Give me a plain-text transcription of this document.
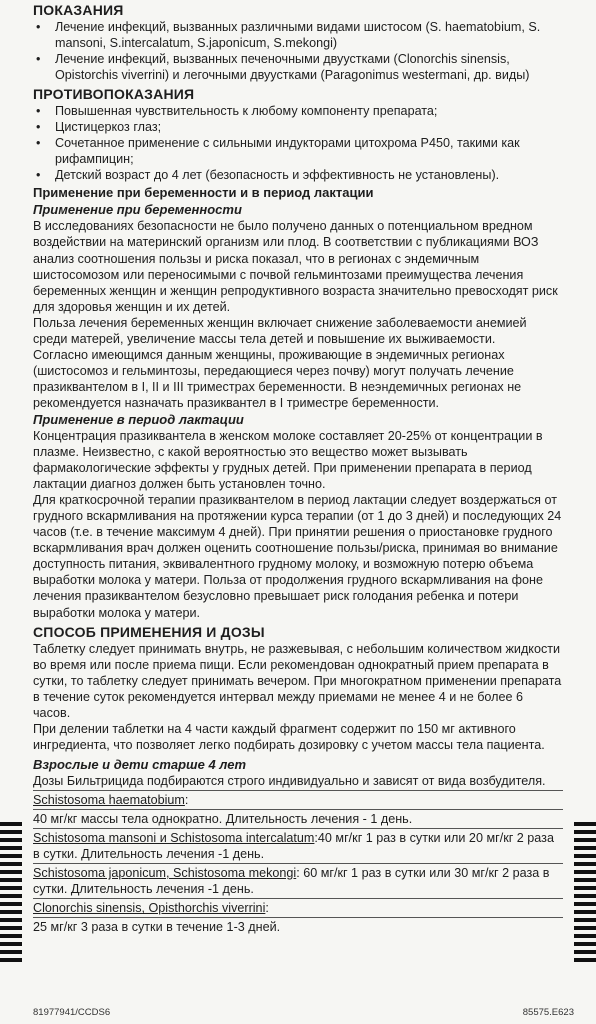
ПОКАЗАНИЯ
• Лечение инфекций, вызванных различными видами шистосом (S. haematobium, S. mansoni, S.intercalatum, S.japonicum, S.mekongi)
• Лечение инфекций, вызванных печеночными двуустками (Clonorchis sinensis, Opistorchis viverrini) и легочными двуустками (Paragonimus westermani, др. виды)
ПРОТИВОПОКАЗАНИЯ
• Повышенная чувствительность к любому компоненту препарата;
• Цистицеркоз глаз;
• Сочетанное применение с сильными индукторами цитохрома Р450, такими как рифампицин;
• Детский возраст до 4 лет (безопасность и эффективность не установлены).
Применение при беременности и в период лактации
Применение при беременности

В исследованиях безопасности не было получено данных о потенциальном вредном воздействии на материнский организм или плод. В соответствии с публикациями ВОЗ анализ соотношения пользы и риска показал, что в регионах с эндемичным шистосомозом или переносимыми с почвой гельминтозами преимущества лечения беременных женщин и женщин репродуктивного возраста значительно превосходят риск для здоровья женщин и их детей.

Польза лечения беременных женщин включает снижение заболеваемости анемией среди матерей, увеличение массы тела детей и повышение их выживаемости.

Согласно имеющимся данным женщины, проживающие в эндемичных регионах (шистосомоз и гельминтозы, передающиеся через почву) могут получать лечение празиквантелом в I, II и III триместрах беременности. В неэндемичных регионах не рекомендуется назначать празиквантел в I триместре беременности.

Применение в период лактации

Концентрация празиквантела в женском молоке составляет 20-25% от концентрации в плазме. Неизвестно, с какой вероятностью это вещество может вызывать фармакологические эффекты у грудных детей. При применении препарата в период лактации диагноз должен быть установлен точно.

Для краткосрочной терапии празиквантелом в период лактации следует воздержаться от грудного вскармливания на протяжении курса терапии (от 1 до 3 дней) и последующих 24 часов (т.е. в течение максимум 4 дней). При принятии решения о приостановке грудного вскармливания врач должен оценить соотношение пользы/риска, принимая во внимание доступность питания, эквивалентного грудному молоку, и возможную потерю объема выработки молока у матери. Польза от продолжения грудного вскармливания на фоне лечения празиквантелом безусловно превышает риск голодания ребенка и потери выработки молока у матери.

СПОСОБ ПРИМЕНЕНИЯ И ДОЗЫ

Таблетку следует принимать внутрь, не разжевывая, с небольшим количеством жидкости во время или после приема пищи. Если рекомендован однократный прием препарата в сутки, то таблетку следует принимать вечером. При многократном применении препарата в течение суток рекомендуется интервал между приемами не менее 4 и не более 6 часов.

При делении таблетки на 4 части каждый фрагмент содержит по 150 мг активного ингредиента, что позволяет легко подбирать дозировку с учетом массы тела пациента.

Взрослые и дети старше 4 лет

Дозы Бильтрицида подбираются строго индивидуально и зависят от вида возбудителя.

Schistosoma haematobium:

40 мг/кг массы тела однократно. Длительность лечения - 1 день.

Schistosoma mansoni и Schistosoma intercalatum:40 мг/кг 1 раз в сутки или 20 мг/кг 2 раза в сутки. Длительность лечения -1 день.

Schistosoma japonicum, Schistosoma mekongi: 60 мг/кг 1 раз в сутки или 30 мг/кг 2 раза в сутки. Длительность лечения -1 день.

Clonorchis sinensis, Opisthorchis viverrini:

25 мг/кг 3 раза в сутки в течение 1-3 дней.

81977941/CCDS6	85575.E623
